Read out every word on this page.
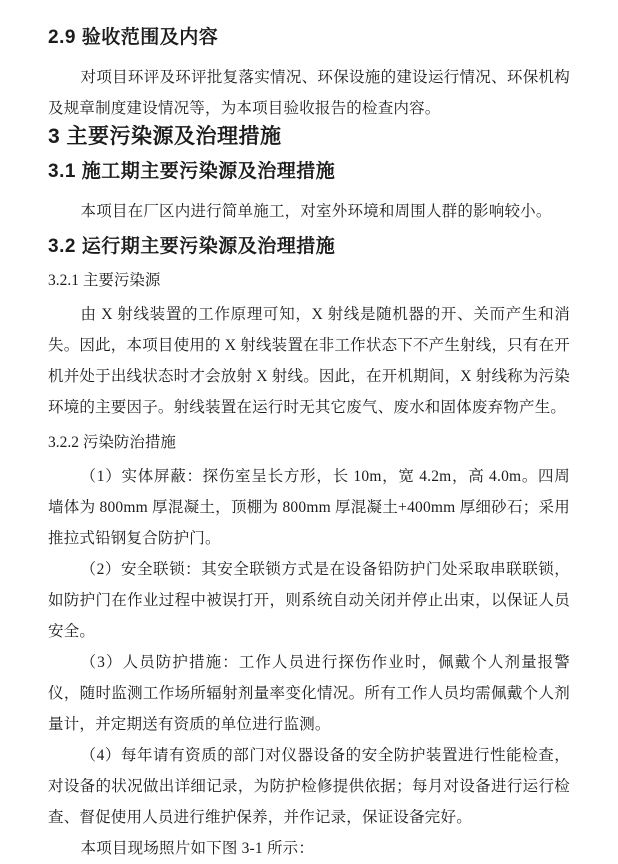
2.9 验收范围及内容

对项目环评及环评批复落实情况、环保设施的建设运行情况、环保机构及规章制度建设情况等，为本项目验收报告的检查内容。

3 主要污染源及治理措施
3.1 施工期主要污染源及治理措施

本项目在厂区内进行简单施工，对室外环境和周围人群的影响较小。

3.2 运行期主要污染源及治理措施
3.2.1 主要污染源

由 X 射线装置的工作原理可知，X 射线是随机器的开、关而产生和消失。因此，本项目使用的 X 射线装置在非工作状态下不产生射线，只有在开机并处于出线状态时才会放射 X 射线。因此，在开机期间，X 射线称为污染环境的主要因子。射线装置在运行时无其它废气、废水和固体废弃物产生。

3.2.2 污染防治措施

（1）实体屏蔽：探伤室呈长方形，长 10m，宽 4.2m，高 4.0m。四周墙体为 800mm 厚混凝土，顶棚为 800mm 厚混凝土+400mm 厚细砂石；采用推拉式铅钢复合防护门。

（2）安全联锁：其安全联锁方式是在设备铅防护门处采取串联联锁，如防护门在作业过程中被误打开，则系统自动关闭并停止出束，以保证人员安全。

（3）人员防护措施：工作人员进行探伤作业时，佩戴个人剂量报警仪，随时监测工作场所辐射剂量率变化情况。所有工作人员均需佩戴个人剂量计，并定期送有资质的单位进行监测。

（4）每年请有资质的部门对仪器设备的安全防护装置进行性能检查，对设备的状况做出详细记录，为防护检修提供依据；每月对设备进行运行检查、督促使用人员进行维护保养，并作记录，保证设备完好。

本项目现场照片如下图 3-1 所示：
